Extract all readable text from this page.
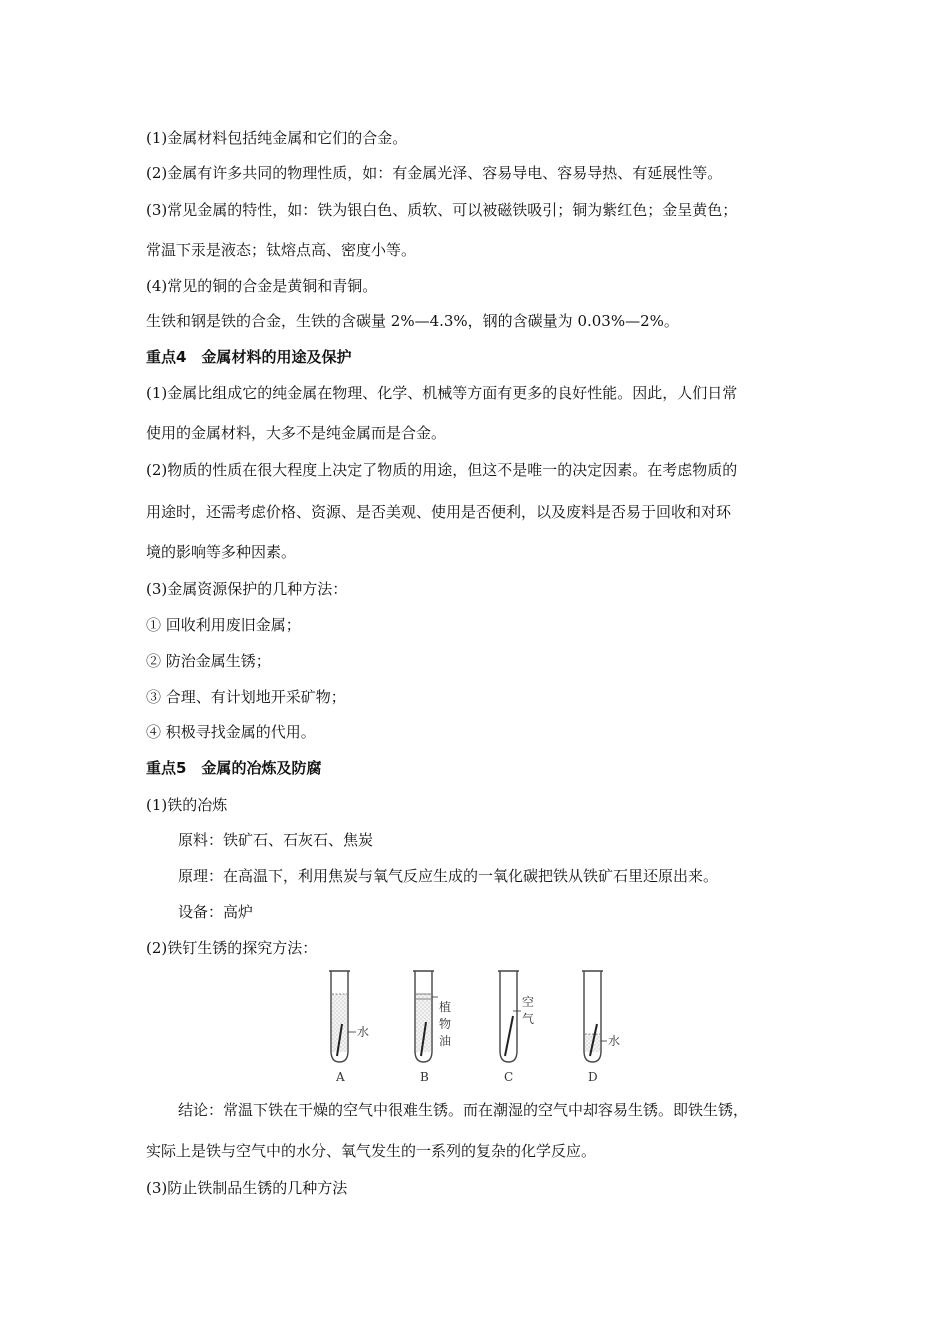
(1)金属材料包括纯金属和它们的合金。
(2)金属有许多共同的物理性质，如：有金属光泽、容易导电、容易导热、有延展性等。
(3)常见金属的特性，如：铁为银白色、质软、可以被磁铁吸引；铜为紫红色；金呈黄色；
常温下汞是液态；钛熔点高、密度小等。
(4)常见的铜的合金是黄铜和青铜。
生铁和钢是铁的合金，生铁的含碳量 2%—4.3%，钢的含碳量为 0.03%—2%。
重点4　金属材料的用途及保护
(1)金属比组成它的纯金属在物理、化学、机械等方面有更多的良好性能。因此，人们日常
使用的金属材料，大多不是纯金属而是合金。
(2)物质的性质在很大程度上决定了物质的用途，但这不是唯一的决定因素。在考虑物质的
用途时，还需考虑价格、资源、是否美观、使用是否便利，以及废料是否易于回收和对环
境的影响等多种因素。
(3)金属资源保护的几种方法：
① 回收利用废旧金属；
② 防治金属生锈；
③ 合理、有计划地开采矿物；
④ 积极寻找金属的代用。
重点5　金属的冶炼及防腐
(1)铁的冶炼
原料：铁矿石、石灰石、焦炭
原理：在高温下，利用焦炭与氧气反应生成的一氧化碳把铁从铁矿石里还原出来。
设备：高炉
(2)铁钉生锈的探究方法：
水
A
植
物
油
B
空
气
C
水
D
结论：常温下铁在干燥的空气中很难生锈。而在潮湿的空气中却容易生锈。即铁生锈，
实际上是铁与空气中的水分、氧气发生的一系列的复杂的化学反应。
(3)防止铁制品生锈的几种方法
